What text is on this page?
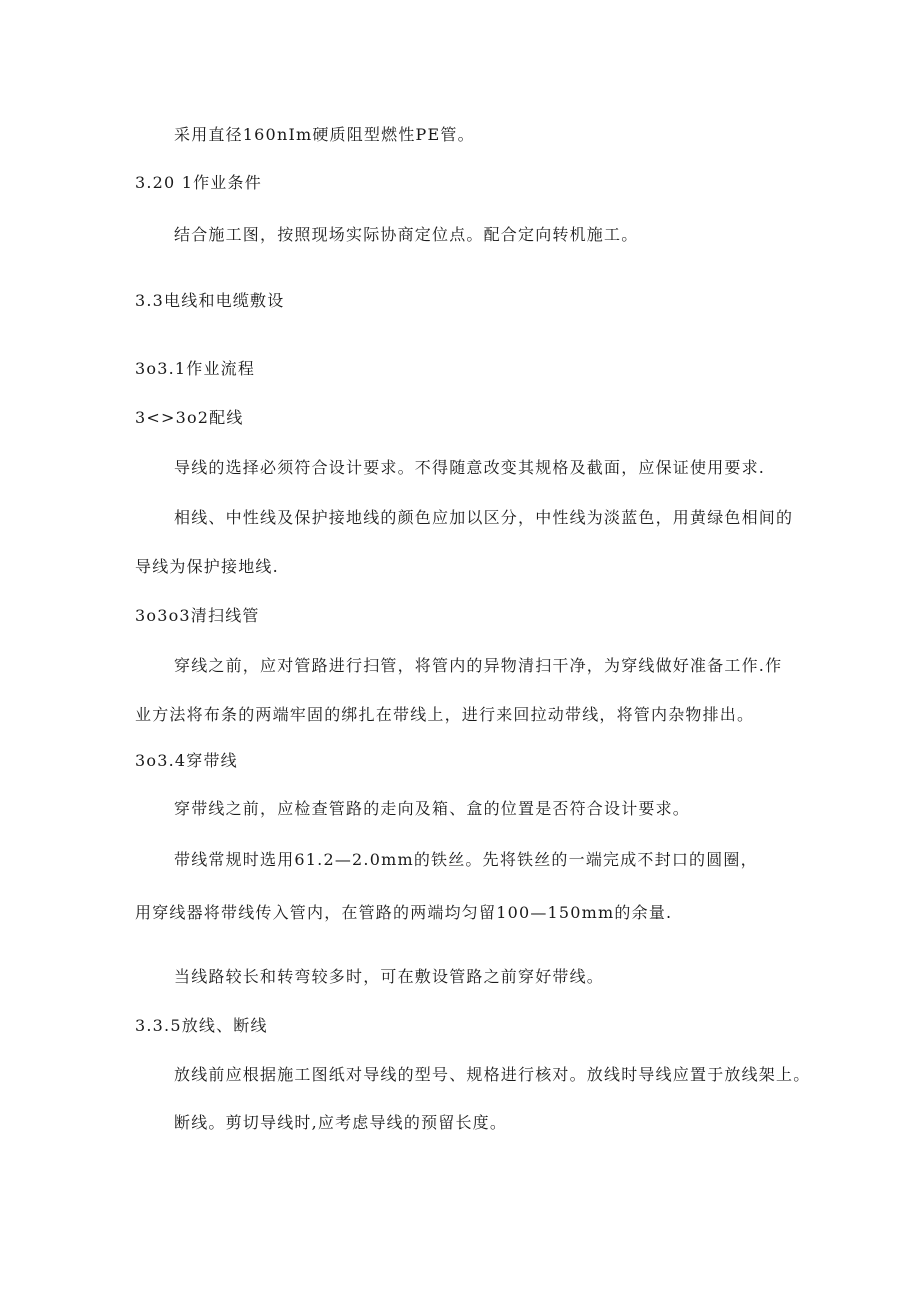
采用直径160nIm硬质阻型燃性PE管。

3.20 1作业条件

结合施工图，按照现场实际协商定位点。配合定向转机施工。

3.3电线和电缆敷设

3o3.1作业流程

3<>3o2配线

导线的选择必须符合设计要求。不得随意改变其规格及截面，应保证使用要求.

相线、中性线及保护接地线的颜色应加以区分，中性线为淡蓝色，用黄绿色相间的

导线为保护接地线.

3o3o3清扫线管

穿线之前，应对管路进行扫管，将管内的异物清扫干净，为穿线做好准备工作.作

业方法将布条的两端牢固的绑扎在带线上，进行来回拉动带线，将管内杂物排出。

3o3.4穿带线

穿带线之前，应检查管路的走向及箱、盒的位置是否符合设计要求。

带线常规时选用61.2—2.0mm的铁丝。先将铁丝的一端完成不封口的圆圈，

用穿线器将带线传入管内，在管路的两端均匀留100—150mm的余量.

当线路较长和转弯较多时，可在敷设管路之前穿好带线。

3.3.5放线、断线

放线前应根据施工图纸对导线的型号、规格进行核对。放线时导线应置于放线架上。

断线。剪切导线时,应考虑导线的预留长度。
